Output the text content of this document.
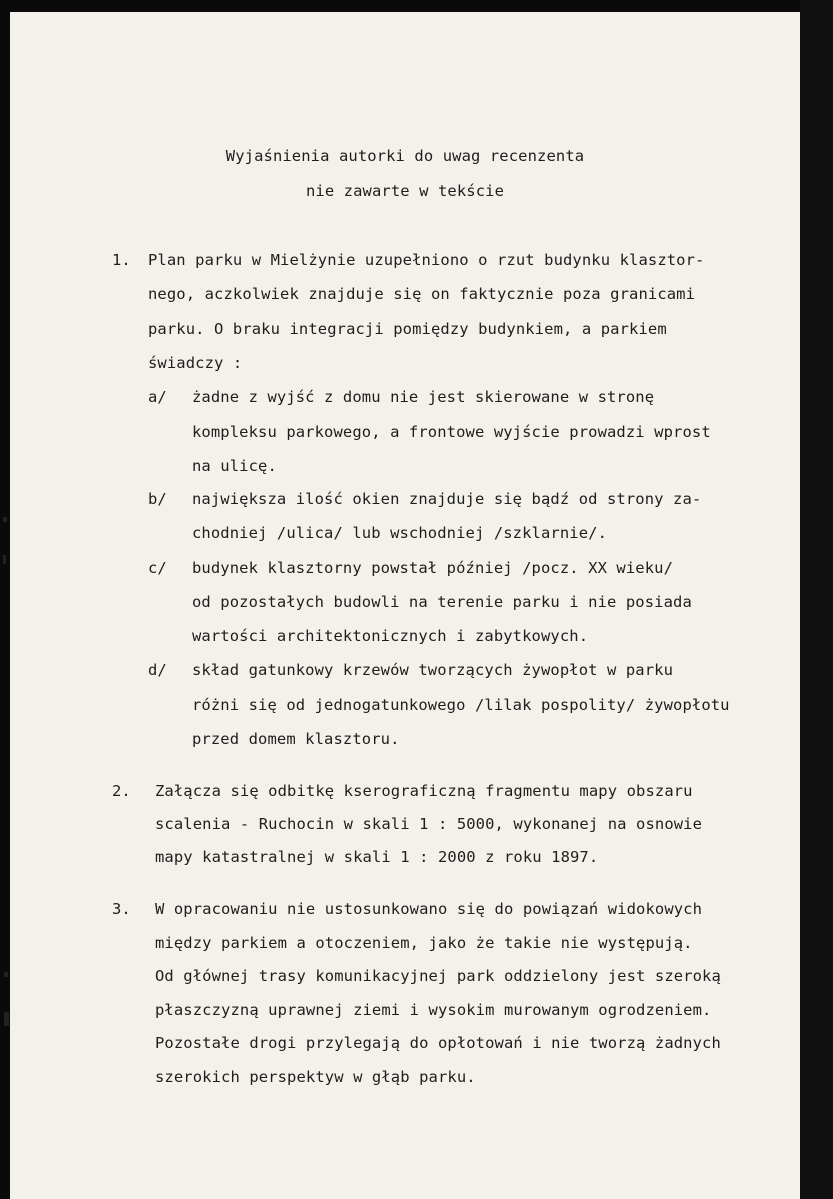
Wyjaśnienia autorki do uwag recenzenta
nie zawarte w tekście
1. Plan parku w Mielżynie uzupełniono o rzut budynku klasztor-
nego, aczkolwiek znajduje się on faktycznie poza granicami
parku. O braku integracji pomiędzy budynkiem, a parkiem
świadczy :
a/ żadne z wyjść z domu nie jest skierowane w stronę
kompleksu parkowego, a frontowe wyjście prowadzi wprost
na ulicę.
b/ największa ilość okien znajduje się bądź od strony za-
chodniej /ulica/ lub wschodniej /szklarnie/.
c/ budynek klasztorny powstał później /pocz. XX wieku/
od pozostałych budowli na terenie parku i nie posiada
wartości architektonicznych i zabytkowych.
d/ skład gatunkowy krzewów tworzących żywopłot w parku
różni się od jednogatunkowego /lilak pospolity/ żywopłotu
przed domem klasztoru.
2. Załącza się odbitkę kserograficzną fragmentu mapy obszaru
scalenia - Ruchocin w skali 1 : 5000, wykonanej na osnowie
mapy katastralnej w skali 1 : 2000 z roku 1897.
3. W opracowaniu nie ustosunkowano się do powiązań widokowych
między parkiem a otoczeniem, jako że takie nie występują.
Od głównej trasy komunikacyjnej park oddzielony jest szeroką
płaszczyzną uprawnej ziemi i wysokim murowanym ogrodzeniem.
Pozostałe drogi przylegają do opłotowań i nie tworzą żadnych
szerokich perspektyw w głąb parku.
